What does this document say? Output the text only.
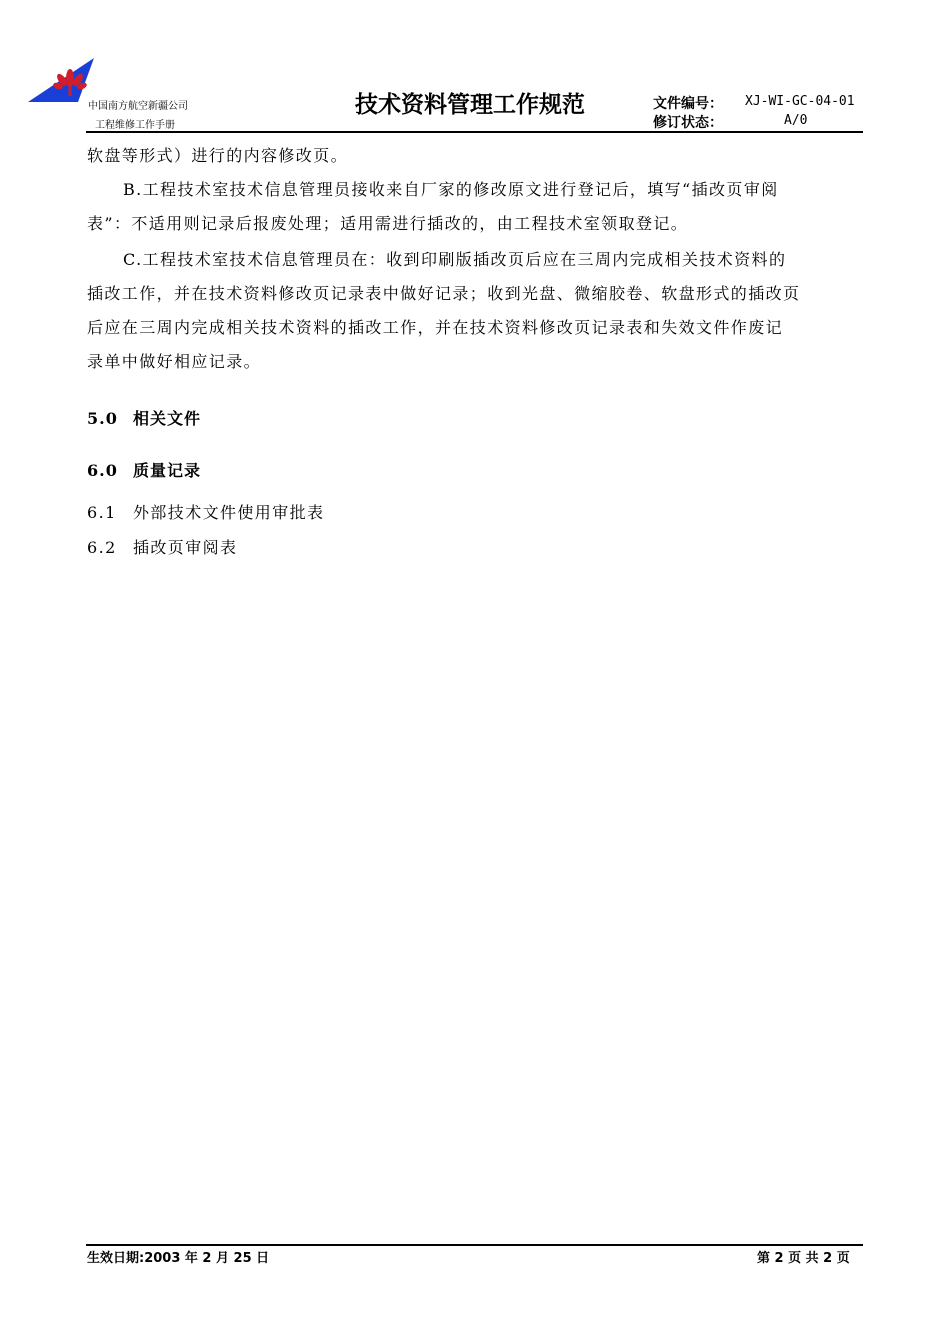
中国南方航空新疆公司
工程维修工作手册
技术资料管理工作规范	文件编号： XJ-WI-GC-04-01
修订状态：	A/0
软盘等形式）进行的内容修改页。
B.工程技术室技术信息管理员接收来自厂家的修改原文进行登记后，填写“插改页审阅
表”：不适用则记录后报废处理；适用需进行插改的，由工程技术室领取登记。
C.工程技术室技术信息管理员在：收到印刷版插改页后应在三周内完成相关技术资料的
插改工作，并在技术资料修改页记录表中做好记录；收到光盘、微缩胶卷、软盘形式的插改页
后应在三周内完成相关技术资料的插改工作，并在技术资料修改页记录表和失效文件作废记
录单中做好相应记录。
5.0 相关文件
6.0 质量记录
6.1 外部技术文件使用审批表
6.2 插改页审阅表
生效日期:2003 年 2 月 25 日	第 2 页 共 2 页
